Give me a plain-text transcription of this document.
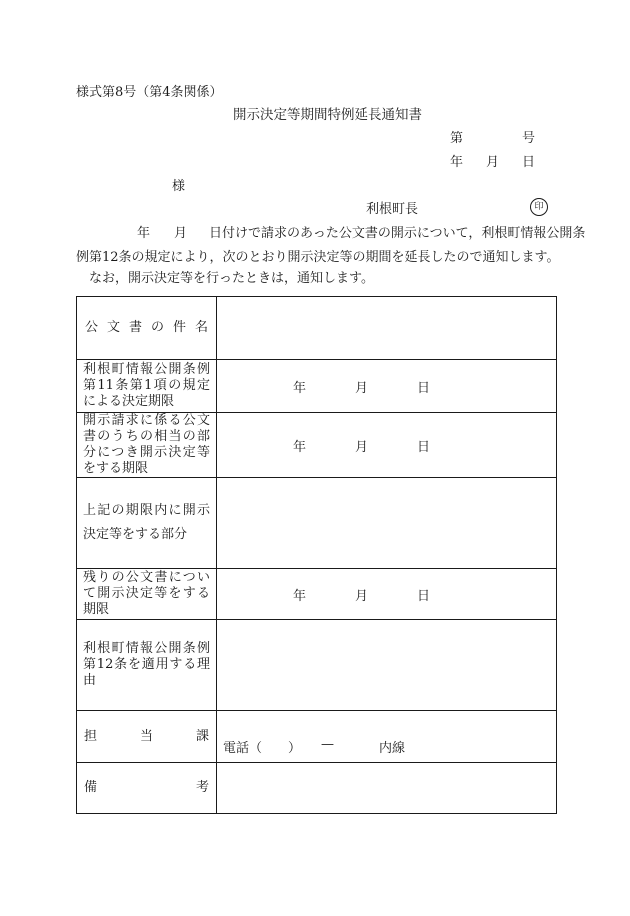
様式第8号（第4条関係）
開示決定等期間特例延長通知書
第	号
年 月 日
様
利根町長	印
年 月 日付けで請求のあった公文書の開示について，利根町情報公開条
例第12条の規定により，次のとおり開示決定等の期間を延長したので通知します。
なお，開示決定等を行ったときは，通知します。
公文書の件名	
利根町情報公開条例第11条第1項の規定による決定期限	年 月 日

開示請求に係る公文書のうちの相当の部分につき開示決定等をする期限	年 月 日

上記の期限内に開示決定等をする部分	
残りの公文書について開示決定等をする期限	年 月 日

利根町情報公開条例第12条を適用する理由	
担当課	電話（　　） — 内線

備考	
